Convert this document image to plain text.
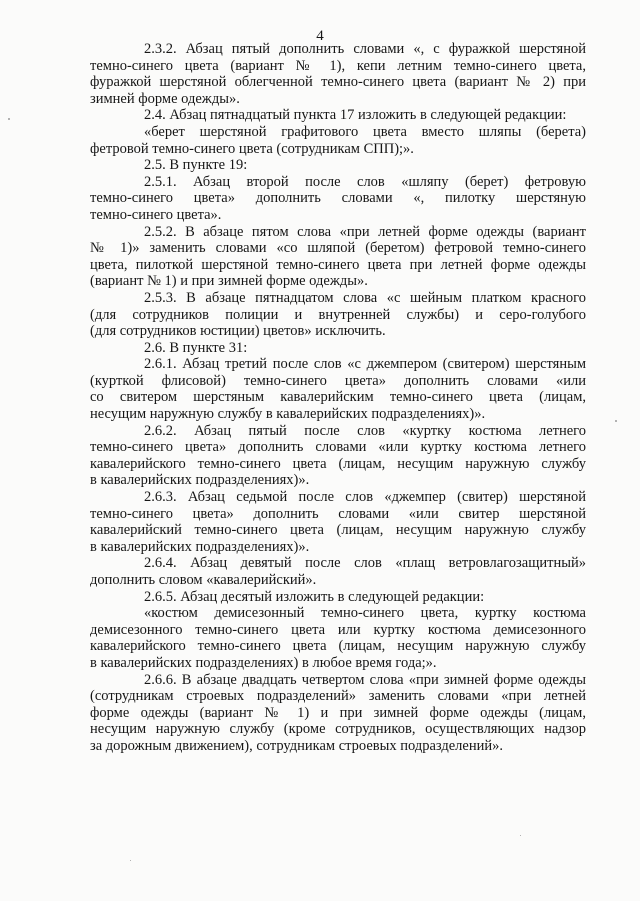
4
2.3.2. Абзац пятый дополнить словами «, с фуражкой шерстяной
темно-синего цвета (вариант № 1), кепи летним темно-синего цвета,
фуражкой шерстяной облегченной темно-синего цвета (вариант № 2) при
зимней форме одежды».
2.4. Абзац пятнадцатый пункта 17 изложить в следующей редакции:
«берет шерстяной графитового цвета вместо шляпы (берета)
фетровой темно-синего цвета (сотрудникам СПП);».
2.5. В пункте 19:
2.5.1. Абзац второй после слов «шляпу (берет) фетровую
темно-синего цвета» дополнить словами «, пилотку шерстяную
темно-синего цвета».
2.5.2. В абзаце пятом слова «при летней форме одежды (вариант
№ 1)» заменить словами «со шляпой (беретом) фетровой темно-синего
цвета, пилоткой шерстяной темно-синего цвета при летней форме одежды
(вариант № 1) и при зимней форме одежды».
2.5.3. В абзаце пятнадцатом слова «с шейным платком красного
(для сотрудников полиции и внутренней службы) и серо-голубого
(для сотрудников юстиции) цветов» исключить.
2.6. В пункте 31:
2.6.1. Абзац третий после слов «с джемпером (свитером) шерстяным
(курткой флисовой) темно-синего цвета» дополнить словами «или
со свитером шерстяным кавалерийским темно-синего цвета (лицам,
несущим наружную службу в кавалерийских подразделениях)».
2.6.2. Абзац пятый после слов «куртку костюма летнего
темно-синего цвета» дополнить словами «или куртку костюма летнего
кавалерийского темно-синего цвета (лицам, несущим наружную службу
в кавалерийских подразделениях)».
2.6.3. Абзац седьмой после слов «джемпер (свитер) шерстяной
темно-синего цвета» дополнить словами «или свитер шерстяной
кавалерийский темно-синего цвета (лицам, несущим наружную службу
в кавалерийских подразделениях)».
2.6.4. Абзац девятый после слов «плащ ветровлагозащитный»
дополнить словом «кавалерийский».
2.6.5. Абзац десятый изложить в следующей редакции:
«костюм демисезонный темно-синего цвета, куртку костюма
демисезонного темно-синего цвета или куртку костюма демисезонного
кавалерийского темно-синего цвета (лицам, несущим наружную службу
в кавалерийских подразделениях) в любое время года;».
2.6.6. В абзаце двадцать четвертом слова «при зимней форме одежды
(сотрудникам строевых подразделений» заменить словами «при летней
форме одежды (вариант № 1) и при зимней форме одежды (лицам,
несущим наружную службу (кроме сотрудников, осуществляющих надзор
за дорожным движением), сотрудникам строевых подразделений».
